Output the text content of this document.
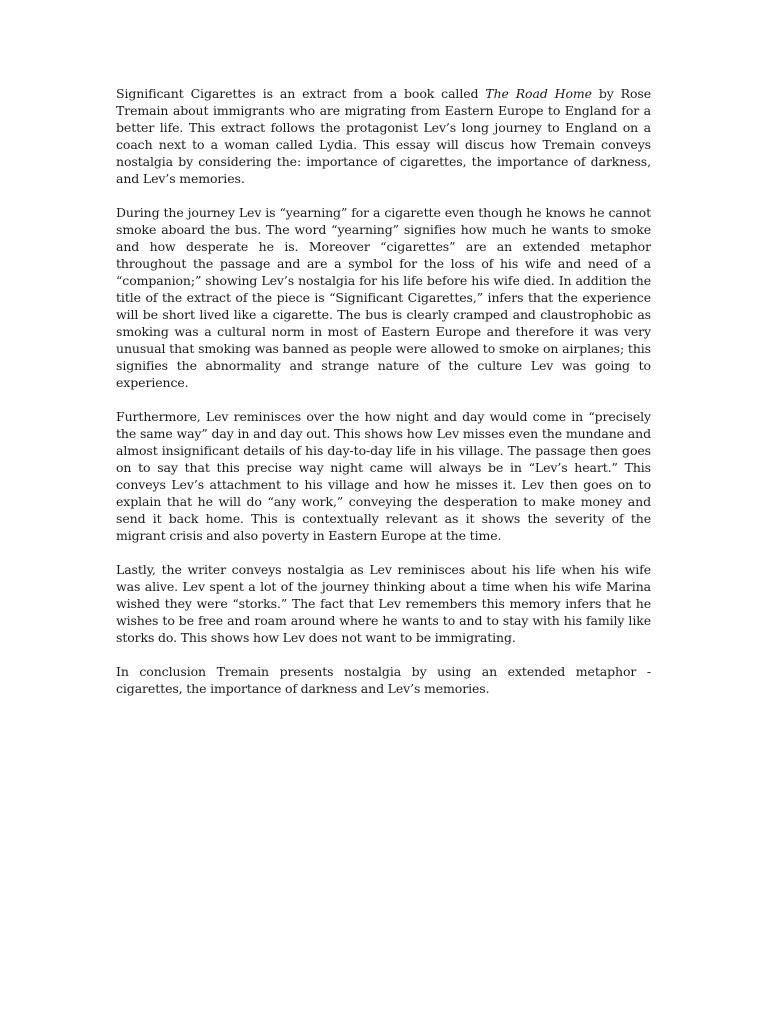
Significant Cigarettes is an extract from a book called The Road Home by Rose Tremain about immigrants who are migrating from Eastern Europe to England for a better life. This extract follows the protagonist Lev’s long journey to England on a coach next to a woman called Lydia. This essay will discus how Tremain conveys nostalgia by considering the: importance of cigarettes, the importance of darkness, and Lev’s memories.

During the journey Lev is “yearning” for a cigarette even though he knows he cannot smoke aboard the bus. The word “yearning” signifies how much he wants to smoke and how desperate he is. Moreover “cigarettes” are an extended metaphor throughout the passage and are a symbol for the loss of his wife and need of a “companion;” showing Lev’s nostalgia for his life before his wife died. In addition the title of the extract of the piece is “Significant Cigarettes,” infers that the experience will be short lived like a cigarette. The bus is clearly cramped and claustrophobic as smoking was a cultural norm in most of Eastern Europe and therefore it was very unusual that smoking was banned as people were allowed to smoke on airplanes; this signifies the abnormality and strange nature of the culture Lev was going to experience.

Furthermore, Lev reminisces over the how night and day would come in “precisely the same way” day in and day out. This shows how Lev misses even the mundane and almost insignificant details of his day-to-day life in his village. The passage then goes on to say that this precise way night came will always be in “Lev’s heart.” This conveys Lev’s attachment to his village and how he misses it. Lev then goes on to explain that he will do “any work,” conveying the desperation to make money and send it back home. This is contextually relevant as it shows the severity of the migrant crisis and also poverty in Eastern Europe at the time.

Lastly, the writer conveys nostalgia as Lev reminisces about his life when his wife was alive. Lev spent a lot of the journey thinking about a time when his wife Marina wished they were “storks.” The fact that Lev remembers this memory infers that he wishes to be free and roam around where he wants to and to stay with his family like storks do. This shows how Lev does not want to be immigrating.

In conclusion Tremain presents nostalgia by using an extended metaphor - cigarettes, the importance of darkness and Lev’s memories.
